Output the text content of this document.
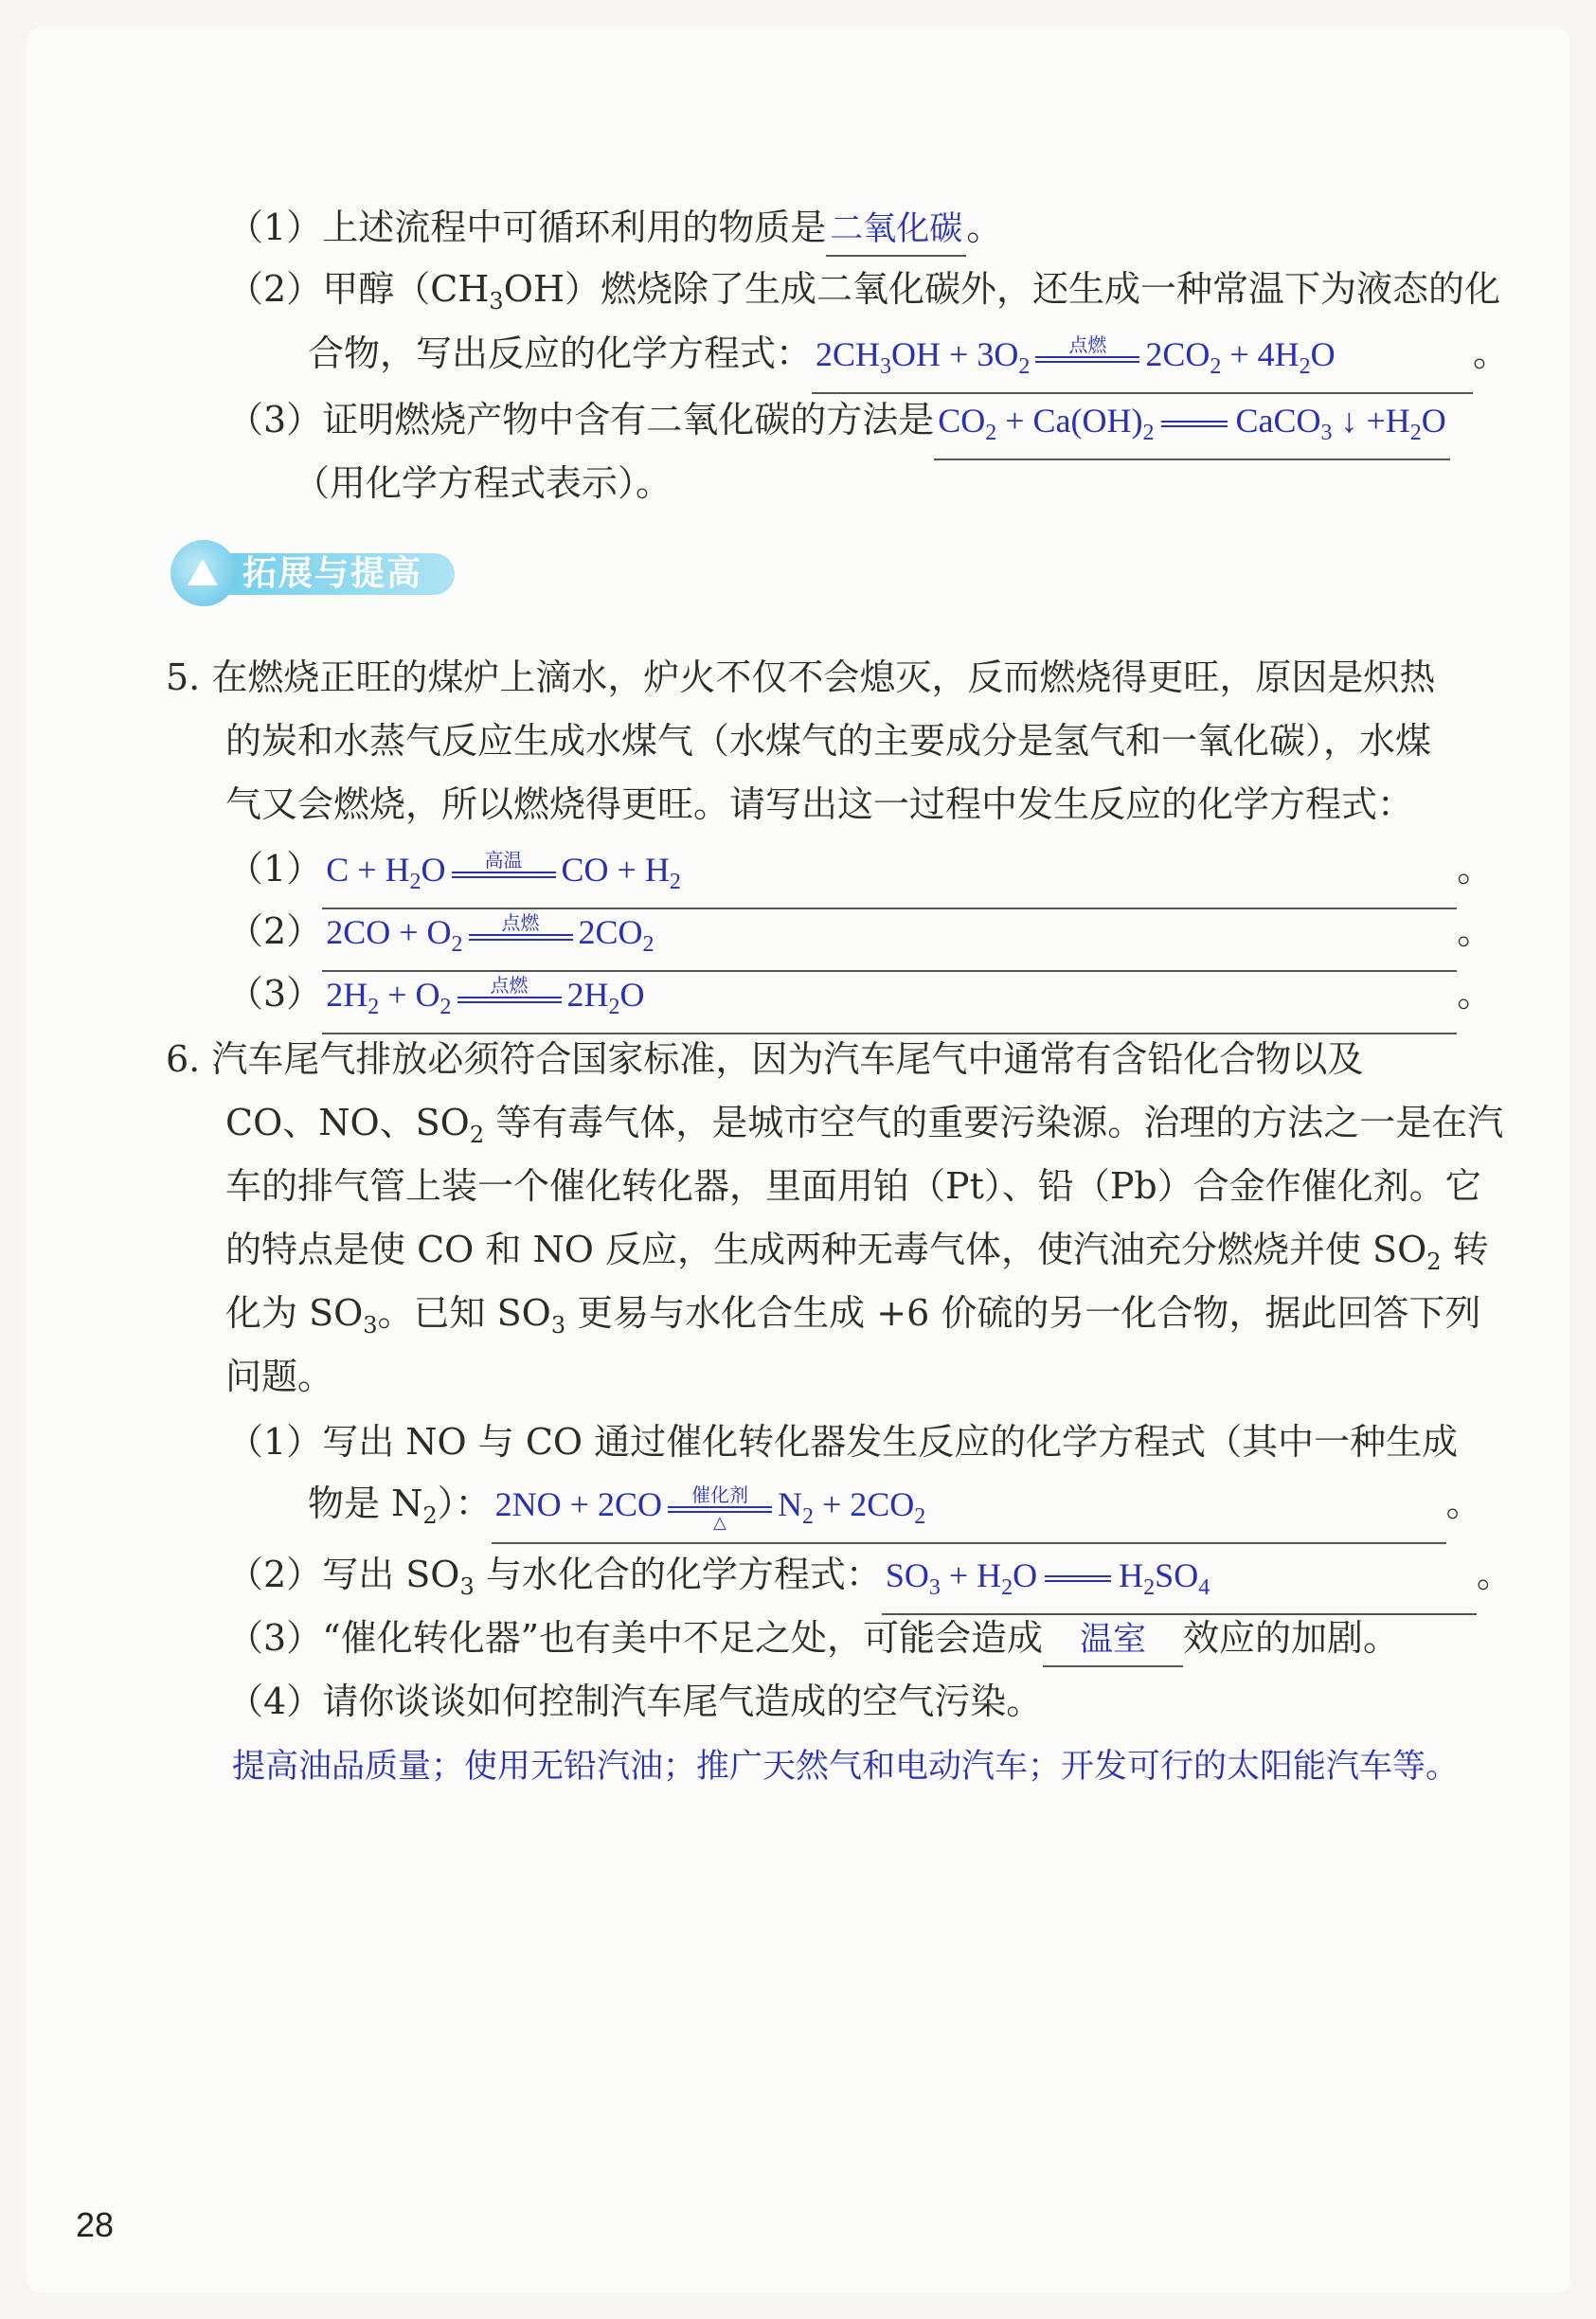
（1）上述流程中可循环利用的物质是 二氧化碳 。
（2）甲醇$(CH_3OH)$燃烧除了生成二氧化碳外，还生成一种常温下为液态的化
合物，写出反应的化学方程式： $2CH_3OH + 3O_2$
点燃	$2CO_2 + 4H_2O$	。
（3）证明燃烧产物中含有二氧化碳的方法是 $CO_2 + Ca(OH)_2$ CaCO$_3$ ↓ $+H_2O$
（用化学方程式表示）。
拓展与提高
5. 在燃烧正旺的煤炉上滴水，炉火不仅不会熄灭，反而燃烧得更旺，原因是炽热
的炭和水蒸气反应生成水煤气（水煤气的主要成分是氢气和一氧化碳），水煤
气又会燃烧，所以燃烧得更旺。请写出这一过程中发生反应的化学方程式：
（1） $C + H_2O$	高温	CO + $H_2$	。
（2） $2CO + O_2$
点燃	$2CO_2$	。
（3） $2H_2 + O_2$
点燃	$2H_2O$	。
6. 汽车尾气排放必须符合国家标准，因为汽车尾气中通常有含铅化合物以及
CO、NO、$SO_2$ 等有毒气体，是城市空气的重要污染源。治理的方法之一是在汽
车的排气管上装一个催化转化器，里面用铂（Pt）、铅（Pb）合金作催化剂。它
的特点是使 CO 和 NO 反应，生成两种无毒气体，使汽油充分燃烧并使 $SO_2$ 转
化为 $SO_3$。已知 $SO_3$ 更易与水化合生成 +6 价硫的另一化合物，据此回答下列
问题。
（1）写出 NO 与 CO 通过催化转化器发生反应的化学方程式（其中一种生成
物是 $N_2$）： 2NO + 2CO	催化剂
△	$N_2 + 2CO_2$	。
（2）写出 $SO_3$ 与水化合的化学方程式： $SO_3 + H_2O$ $H_2SO_4$	。
（3）“催化转化器”也有美中不足之处，可能会造成 温室 效应的加剧。
（4）请你谈谈如何控制汽车尾气造成的空气污染。
提高油品质量；使用无铅汽油；推广天然气和电动汽车；开发可行的太阳能汽车等。
28
